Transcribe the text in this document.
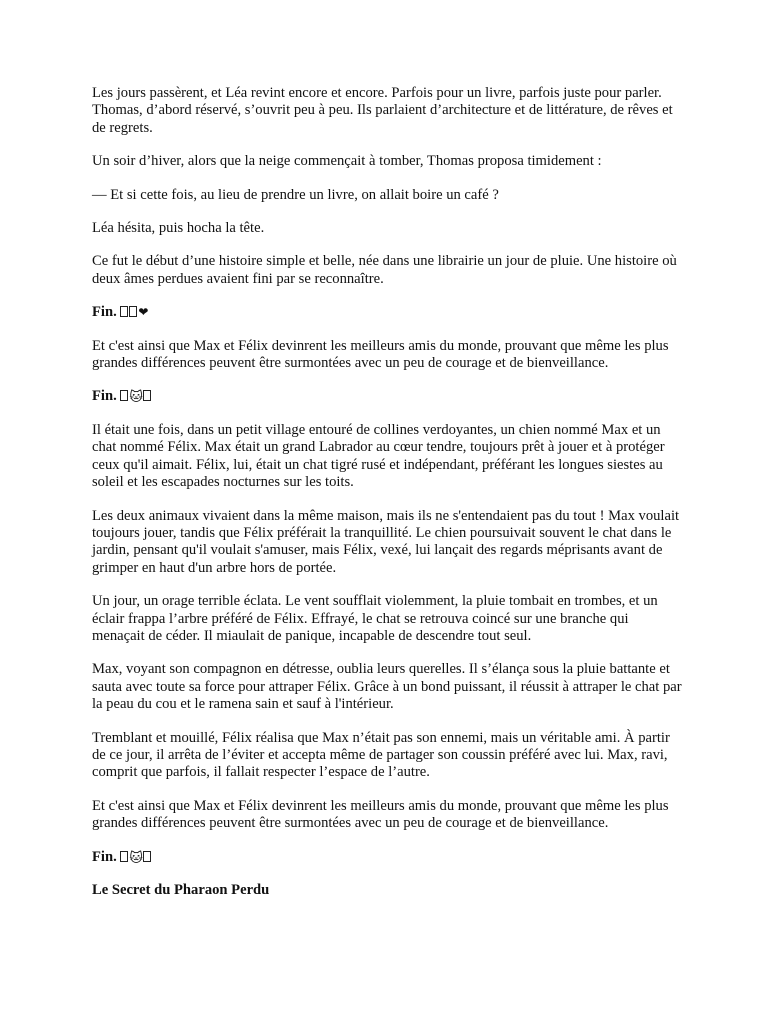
Les jours passèrent, et Léa revint encore et encore. Parfois pour un livre, parfois juste pour parler. Thomas, d’abord réservé, s’ouvrit peu à peu. Ils parlaient d’architecture et de littérature, de rêves et de regrets.

Un soir d’hiver, alors que la neige commençait à tomber, Thomas proposa timidement :

— Et si cette fois, au lieu de prendre un livre, on allait boire un café ?

Léa hésita, puis hocha la tête.

Ce fut le début d’une histoire simple et belle, née dans une librairie un jour de pluie. Une histoire où deux âmes perdues avaient fini par se reconnaître.

Fin. ❤

Et c'est ainsi que Max et Félix devinrent les meilleurs amis du monde, prouvant que même les plus grandes différences peuvent être surmontées avec un peu de courage et de bienveillance.

Fin. 🐱

Il était une fois, dans un petit village entouré de collines verdoyantes, un chien nommé Max et un chat nommé Félix. Max était un grand Labrador au cœur tendre, toujours prêt à jouer et à protéger ceux qu'il aimait. Félix, lui, était un chat tigré rusé et indépendant, préférant les longues siestes au soleil et les escapades nocturnes sur les toits.

Les deux animaux vivaient dans la même maison, mais ils ne s'entendaient pas du tout ! Max voulait toujours jouer, tandis que Félix préférait la tranquillité. Le chien poursuivait souvent le chat dans le jardin, pensant qu'il voulait s'amuser, mais Félix, vexé, lui lançait des regards méprisants avant de grimper en haut d'un arbre hors de portée.

Un jour, un orage terrible éclata. Le vent soufflait violemment, la pluie tombait en trombes, et un éclair frappa l’arbre préféré de Félix. Effrayé, le chat se retrouva coincé sur une branche qui menaçait de céder. Il miaulait de panique, incapable de descendre tout seul.

Max, voyant son compagnon en détresse, oublia leurs querelles. Il s’élança sous la pluie battante et sauta avec toute sa force pour attraper Félix. Grâce à un bond puissant, il réussit à attraper le chat par la peau du cou et le ramena sain et sauf à l'intérieur.

Tremblant et mouillé, Félix réalisa que Max n’était pas son ennemi, mais un véritable ami. À partir de ce jour, il arrêta de l’éviter et accepta même de partager son coussin préféré avec lui. Max, ravi, comprit que parfois, il fallait respecter l’espace de l’autre.

Et c'est ainsi que Max et Félix devinrent les meilleurs amis du monde, prouvant que même les plus grandes différences peuvent être surmontées avec un peu de courage et de bienveillance.

Fin. 🐱

Le Secret du Pharaon Perdu
